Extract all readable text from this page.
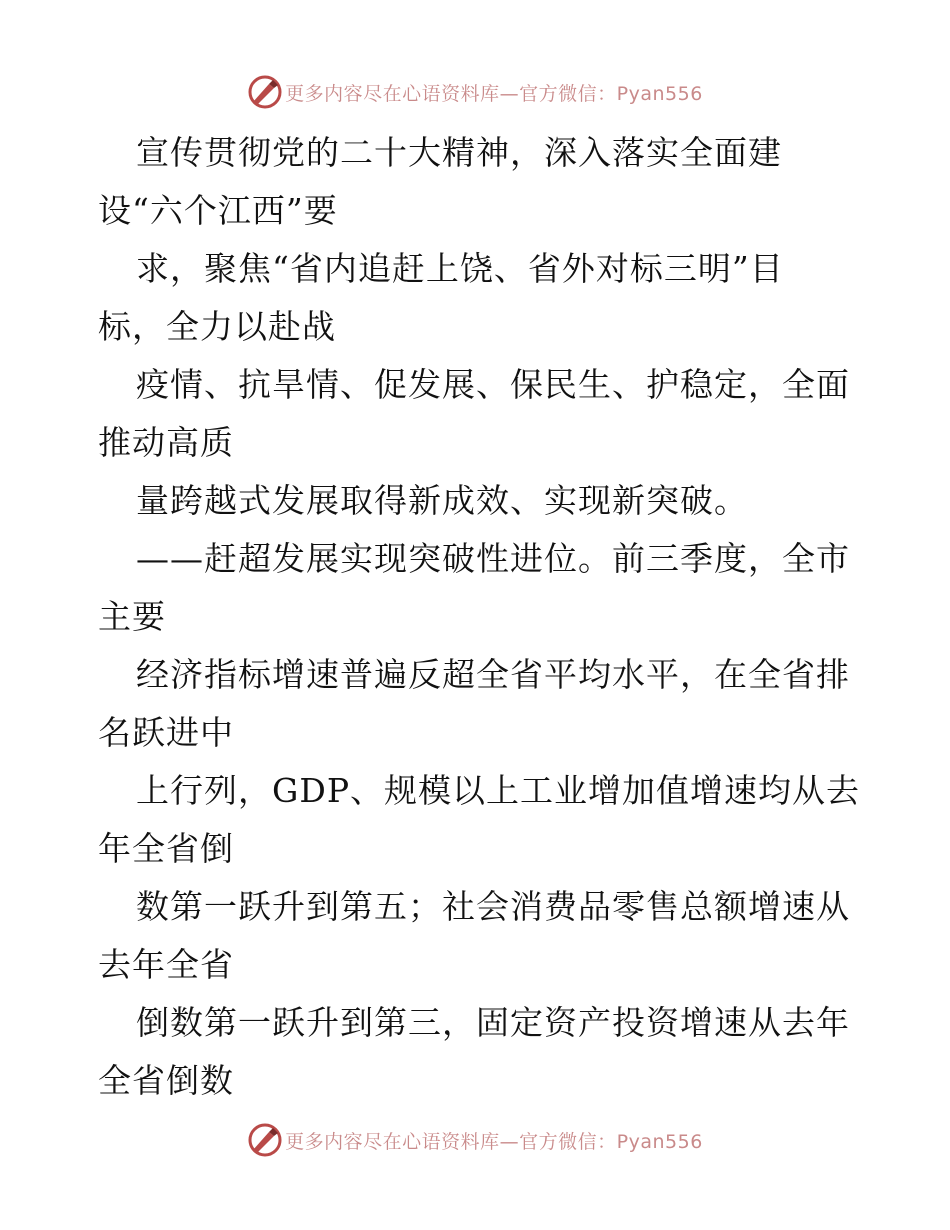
更多内容尽在心语资料库—官方微信：Pyan556
宣传贯彻党的二十大精神，深入落实全面建
设“六个江西”要
求，聚焦“省内追赶上饶、省外对标三明”目
标，全力以赴战
疫情、抗旱情、促发展、保民生、护稳定，全面
推动高质
量跨越式发展取得新成效、实现新突破。
——赶超发展实现突破性进位。前三季度，全市
主要
经济指标增速普遍反超全省平均水平，在全省排
名跃进中
上行列，GDP、规模以上工业增加值增速均从去
年全省倒
数第一跃升到第五；社会消费品零售总额增速从
去年全省
倒数第一跃升到第三，固定资产投资增速从去年
全省倒数
更多内容尽在心语资料库—官方微信：Pyan556
